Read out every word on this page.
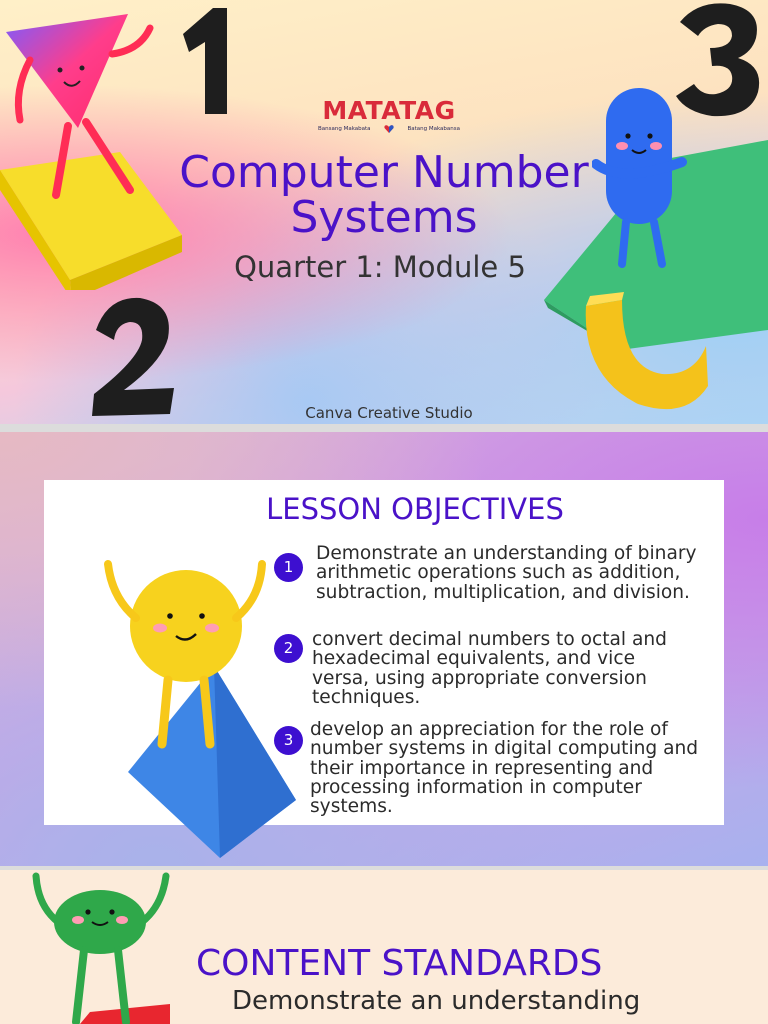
MATATAG
Bansang Makabata	Batang Makabansa
Computer Number Systems
Quarter 1: Module 5
Canva Creative Studio
LESSON OBJECTIVES
1
Demonstrate an understanding of binary arithmetic operations such as addition, subtraction, multiplication, and division.
2	convert decimal numbers to octal and hexadecimal equivalents, and vice versa, using appropriate conversion techniques.
3 develop an appreciation for the role of number systems in digital computing and their importance in representing and processing information in computer systems.
CONTENT STANDARDS
Demonstrate an understanding
